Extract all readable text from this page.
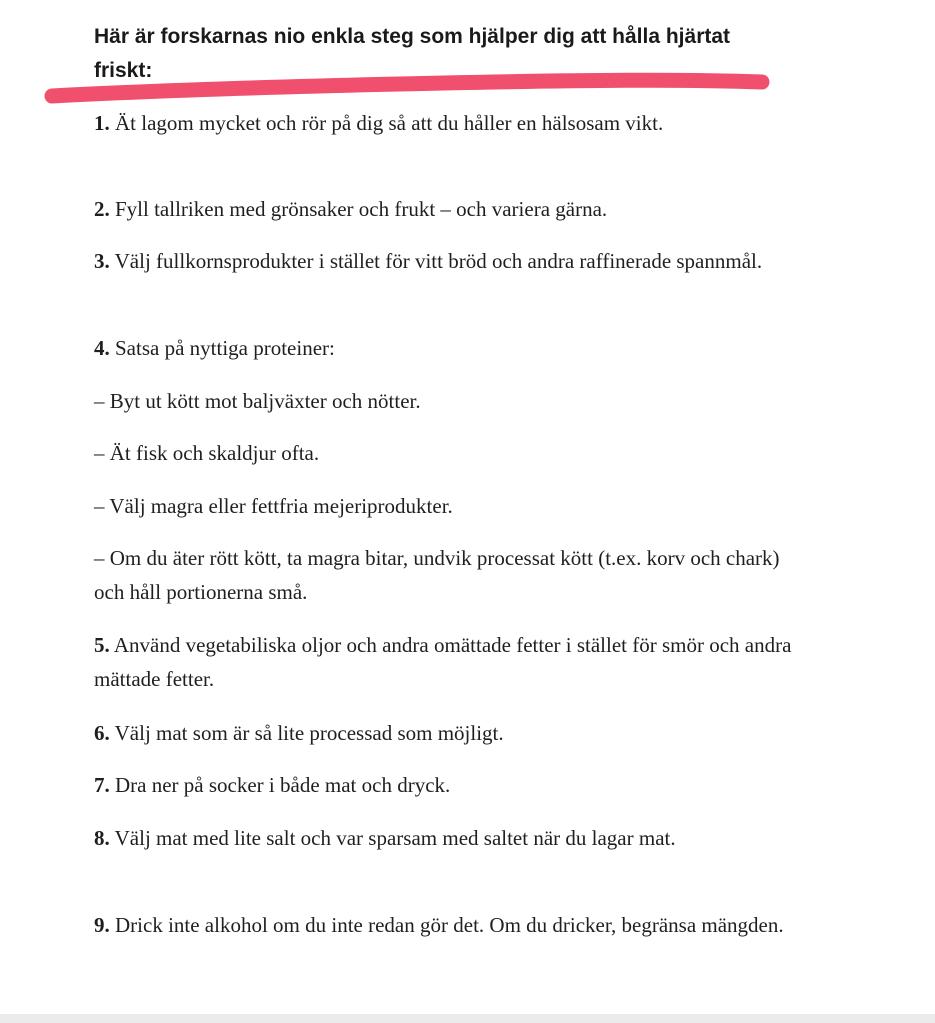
Här är forskarnas nio enkla steg som hjälper dig att hålla hjärtat friskt:

1. Ät lagom mycket och rör på dig så att du håller en hälsosam vikt.

2. Fyll tallriken med grönsaker och frukt – och variera gärna.

3. Välj fullkornsprodukter i stället för vitt bröd och andra raffinerade spannmål.

4. Satsa på nyttiga proteiner:

– Byt ut kött mot baljväxter och nötter.

– Ät fisk och skaldjur ofta.

– Välj magra eller fettfria mejeriprodukter.

– Om du äter rött kött, ta magra bitar, undvik processat kött (t.ex. korv och chark) och håll portionerna små.

5. Använd vegetabiliska oljor och andra omättade fetter i stället för smör och andra mättade fetter.

6. Välj mat som är så lite processad som möjligt.

7. Dra ner på socker i både mat och dryck.

8. Välj mat med lite salt och var sparsam med saltet när du lagar mat.

9. Drick inte alkohol om du inte redan gör det. Om du dricker, begränsa mängden.
